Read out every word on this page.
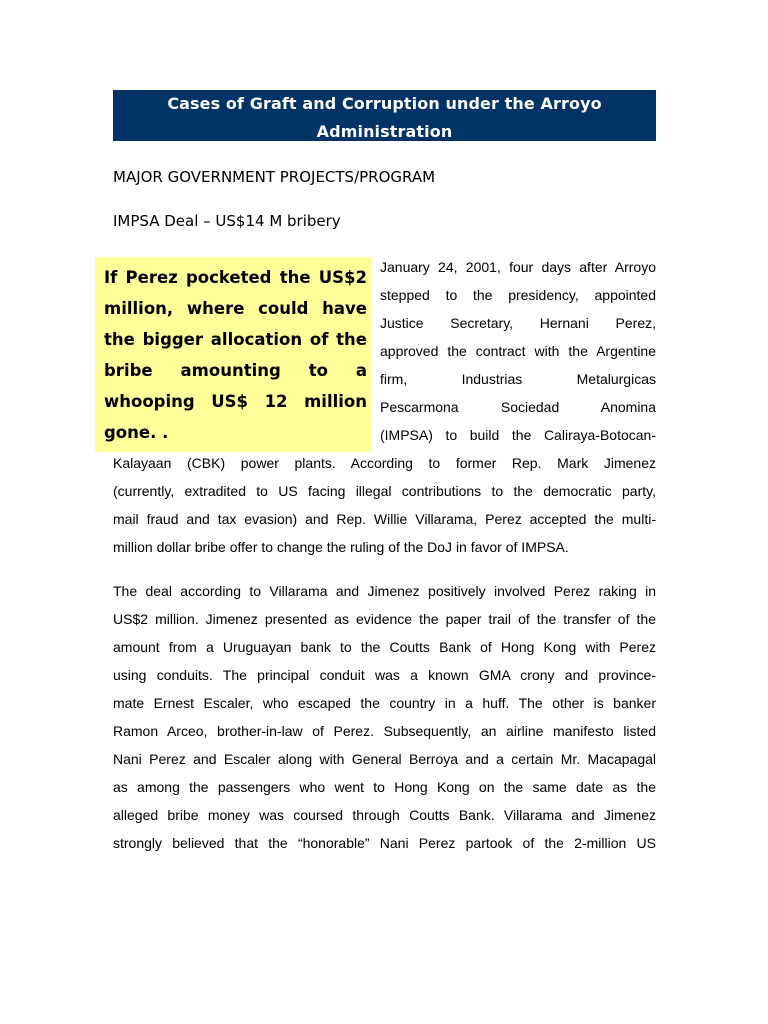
Cases of Graft and Corruption under the Arroyo
Administration
MAJOR GOVERNMENT PROJECTS/PROGRAM
IMPSA Deal – US$14 M bribery
If Perez pocketed the US$2 million, where could have the bigger allocation of the bribe amounting to a whooping US$ 12 million gone. .
January 24, 2001, four days after Arroyo
stepped to the presidency, appointed
Justice Secretary, Hernani Perez,
approved the contract with the Argentine
firm, Industrias Metalurgicas
Pescarmona Sociedad Anomina
(IMPSA) to build the Caliraya-Botocan-
Kalayaan (CBK) power plants. According to former Rep. Mark Jimenez
(currently, extradited to US facing illegal contributions to the democratic party,
mail fraud and tax evasion) and Rep. Willie Villarama, Perez accepted the multi-
million dollar bribe offer to change the ruling of the DoJ in favor of IMPSA.
The deal according to Villarama and Jimenez positively involved Perez raking in
US$2 million. Jimenez presented as evidence the paper trail of the transfer of the
amount from a Uruguayan bank to the Coutts Bank of Hong Kong with Perez
using conduits. The principal conduit was a known GMA crony and province-
mate Ernest Escaler, who escaped the country in a huff. The other is banker
Ramon Arceo, brother-in-law of Perez. Subsequently, an airline manifesto listed
Nani Perez and Escaler along with General Berroya and a certain Mr. Macapagal
as among the passengers who went to Hong Kong on the same date as the
alleged bribe money was coursed through Coutts Bank. Villarama and Jimenez
strongly believed that the “honorable” Nani Perez partook of the 2-million US
